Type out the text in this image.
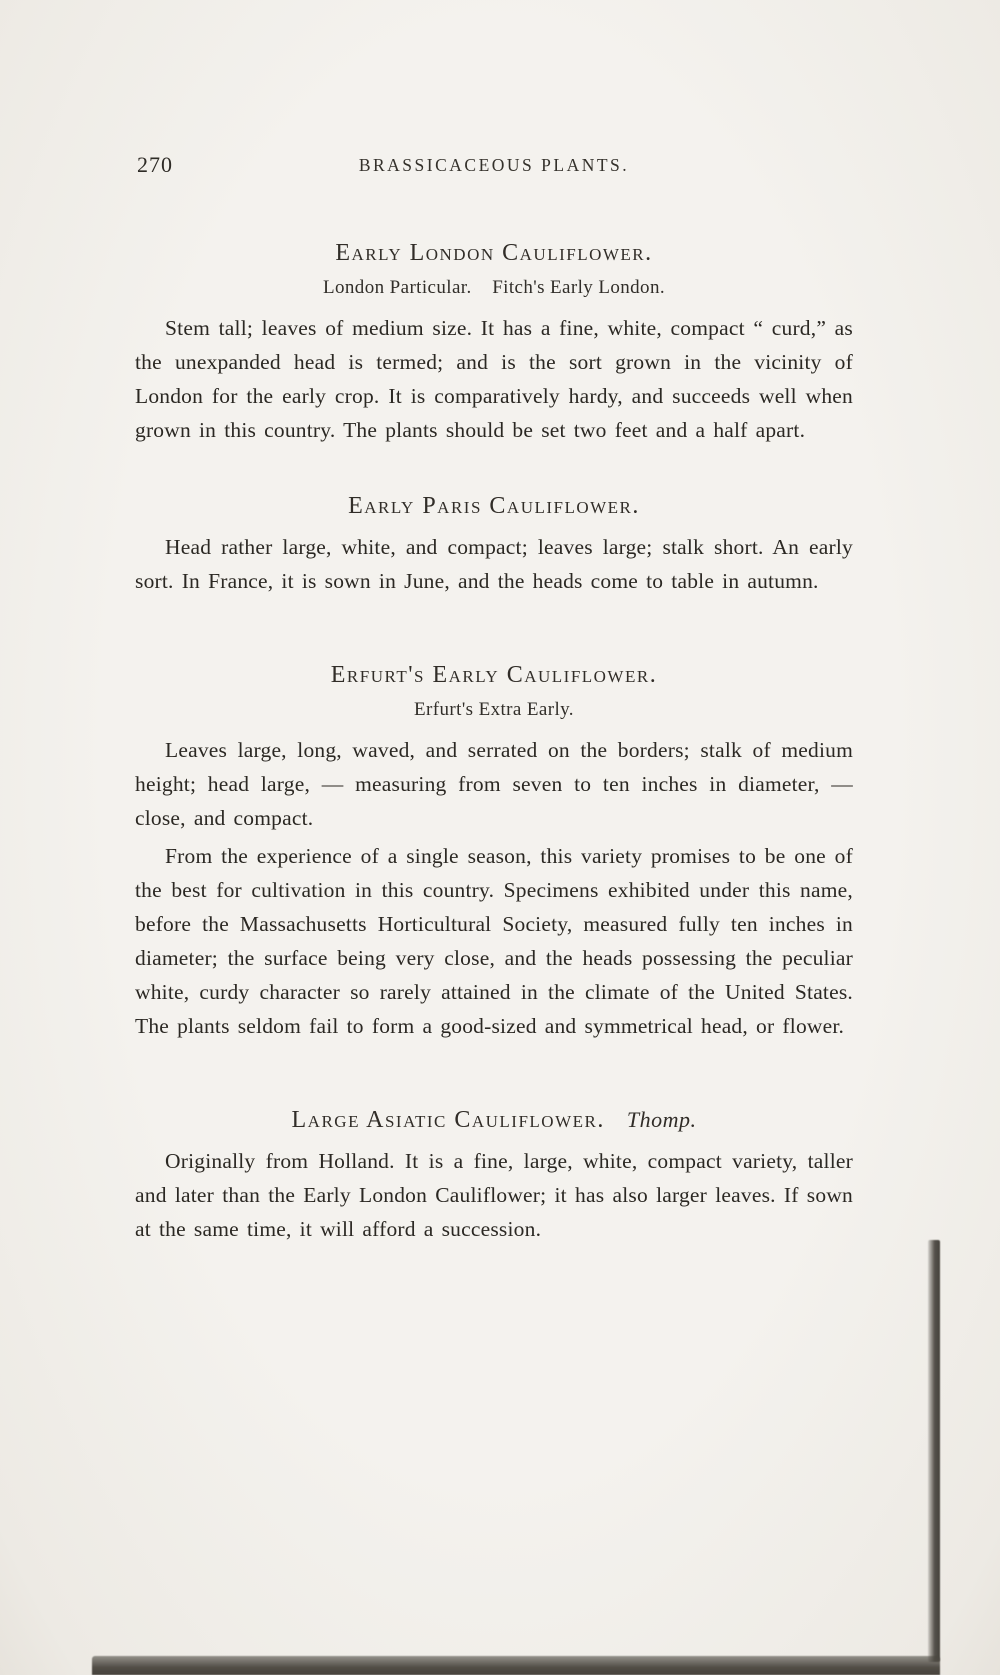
270	BRASSICACEOUS PLANTS.
Early London Cauliflower.
London Particular.    Fitch's Early London.

Stem tall; leaves of medium size. It has a fine, white, compact “ curd,” as the unexpanded head is termed; and is the sort grown in the vicinity of London for the early crop. It is comparatively hardy, and succeeds well when grown in this country. The plants should be set two feet and a half apart.

Early Paris Cauliflower.

Head rather large, white, and compact; leaves large; stalk short. An early sort. In France, it is sown in June, and the heads come to table in autumn.

Erfurt's Early Cauliflower.
Erfurt's Extra Early.

Leaves large, long, waved, and serrated on the borders; stalk of medium height; head large, — measuring from seven to ten inches in diameter, — close, and compact.

From the experience of a single season, this variety promises to be one of the best for cultivation in this country. Specimens exhibited under this name, before the Massachusetts Horticultural Society, measured fully ten inches in diameter; the surface being very close, and the heads possessing the peculiar white, curdy character so rarely attained in the climate of the United States. The plants seldom fail to form a good-sized and symmetrical head, or flower.

Large Asiatic Cauliflower. Thomp.

Originally from Holland. It is a fine, large, white, compact variety, taller and later than the Early London Cauliflower; it has also larger leaves. If sown at the same time, it will afford a succession.
